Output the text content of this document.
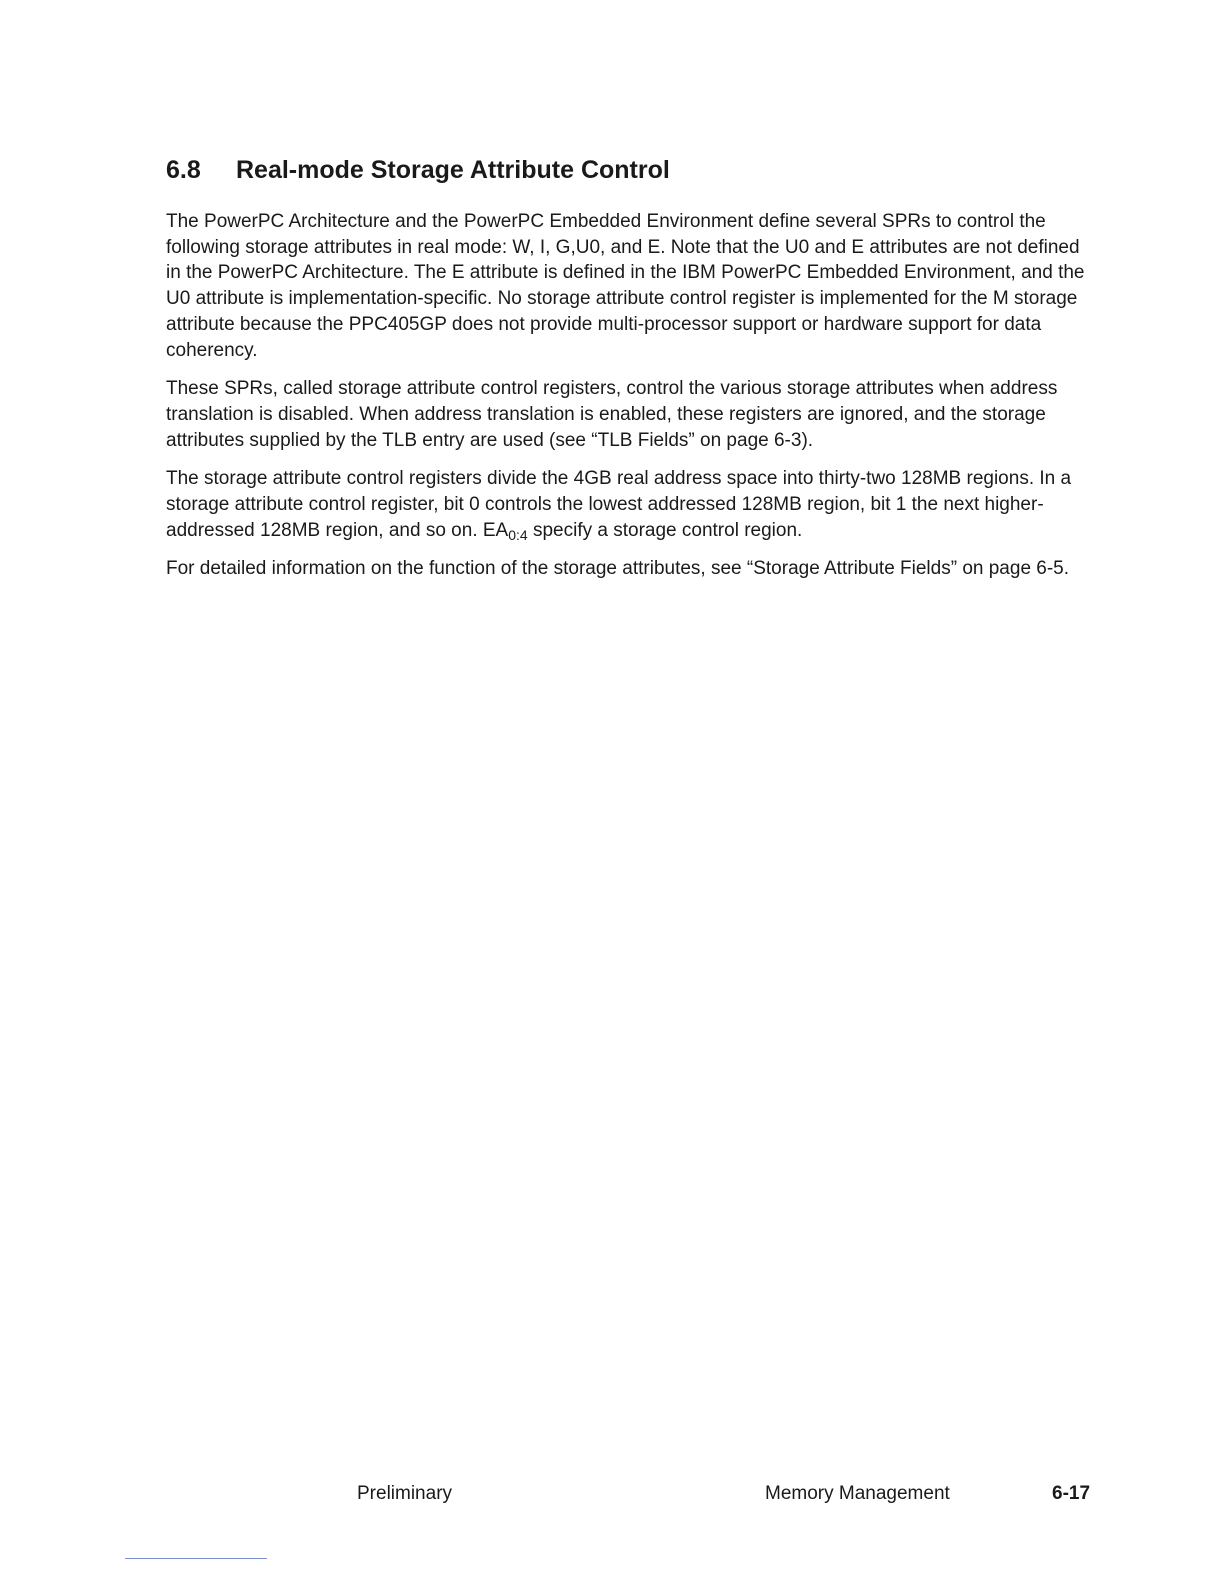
6.8 Real-mode Storage Attribute Control

The PowerPC Architecture and the PowerPC Embedded Environment define several SPRs to control the following storage attributes in real mode: W, I, G,U0, and E. Note that the U0 and E attributes are not defined in the PowerPC Architecture. The E attribute is defined in the IBM PowerPC Embedded Environment, and the U0 attribute is implementation-specific. No storage attribute control register is implemented for the M storage attribute because the PPC405GP does not provide multi-processor support or hardware support for data coherency.

These SPRs, called storage attribute control registers, control the various storage attributes when address translation is disabled. When address translation is enabled, these registers are ignored, and the storage attributes supplied by the TLB entry are used (see “TLB Fields” on page 6-3).

The storage attribute control registers divide the 4GB real address space into thirty-two 128MB regions. In a storage attribute control register, bit 0 controls the lowest addressed 128MB region, bit 1 the next higher-addressed 128MB region, and so on. $EA_{0:4}$ specify a storage control region.

For detailed information on the function of the storage attributes, see “Storage Attribute Fields” on page 6-5.

Preliminary	Memory Management	6-17
